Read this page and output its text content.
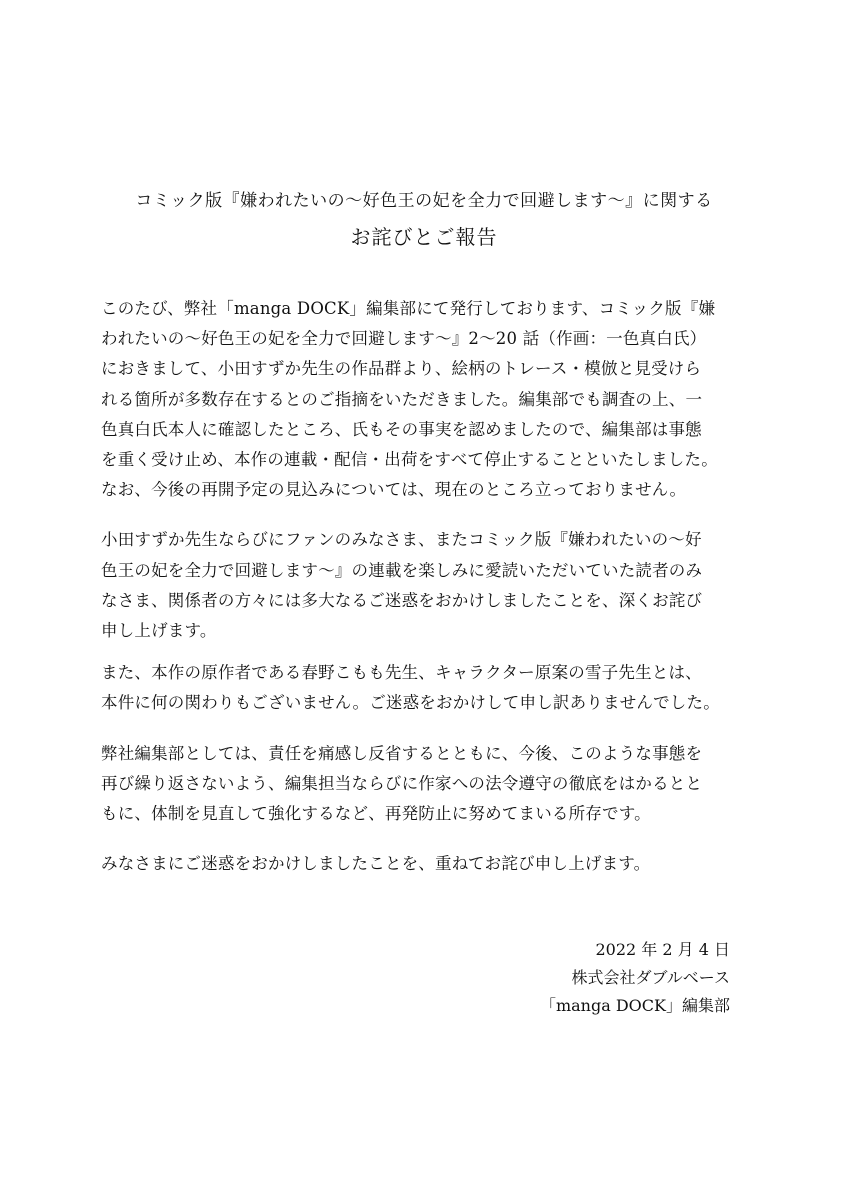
コミック版『嫌われたいの〜好色王の妃を全力で回避します〜』に関する
お詫びとご報告

このたび、弊社「manga DOCK」編集部にて発行しております、コミック版『嫌
われたいの〜好色王の妃を全力で回避します〜』2〜20 話（作画：一色真白氏）
におきまして、小田すずか先生の作品群より、絵柄のトレース・模倣と見受けら
れる箇所が多数存在するとのご指摘をいただきました。編集部でも調査の上、一
色真白氏本人に確認したところ、氏もその事実を認めましたので、編集部は事態
を重く受け止め、本作の連載・配信・出荷をすべて停止することといたしました。
なお、今後の再開予定の見込みについては、現在のところ立っておりません。

小田すずか先生ならびにファンのみなさま、またコミック版『嫌われたいの〜好
色王の妃を全力で回避します〜』の連載を楽しみに愛読いただいていた読者のみ
なさま、関係者の方々には多大なるご迷惑をおかけしましたことを、深くお詫び
申し上げます。

また、本作の原作者である春野こもも先生、キャラクター原案の雪子先生とは、
本件に何の関わりもございません。ご迷惑をおかけして申し訳ありませんでした。

弊社編集部としては、責任を痛感し反省するとともに、今後、このような事態を
再び繰り返さないよう、編集担当ならびに作家への法令遵守の徹底をはかるとと
もに、体制を見直して強化するなど、再発防止に努めてまいる所存です。

みなさまにご迷惑をおかけしましたことを、重ねてお詫び申し上げます。

2022 年 2 月 4 日
株式会社ダブルベース
「manga DOCK」編集部
